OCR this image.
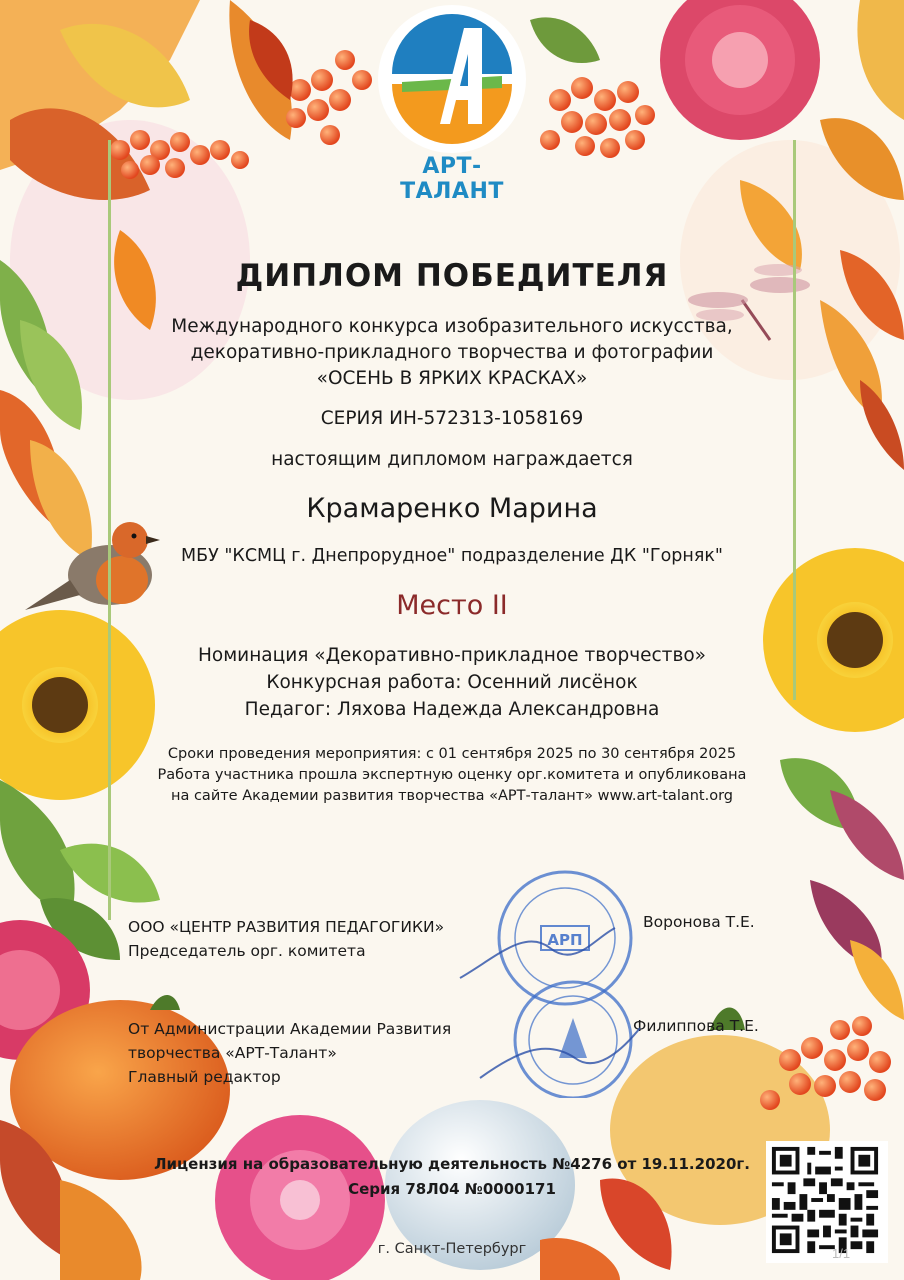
АРТ-ТАЛАНТ
ДИПЛОМ ПОБЕДИТЕЛЯ
Международного конкурса изобразительного искусства,
декоративно-прикладного творчества и фотографии
«ОСЕНЬ В ЯРКИХ КРАСКАХ»
СЕРИЯ ИН-572313-1058169
настоящим дипломом награждается
Крамаренко Марина
МБУ "КСМЦ г. Днепрорудное" подразделение ДК "Горняк"
Место II
Номинация «Декоративно-прикладное творчество»
Конкурсная работа: Осенний лисёнок
Педагог: Ляхова Надежда Александровна
Сроки проведения мероприятия: с 01 сентября 2025 по 30 сентября 2025
Работа участника прошла экспертную оценку орг.комитета и опубликована
на сайте Академии развития творчества «АРТ-талант» www.art-talant.org
ООО «ЦЕНТР РАЗВИТИЯ ПЕДАГОГИКИ»
Председатель орг. комитета
Воронова Т.Е.
От Администрации Академии Развития
творчества «АРТ-Талант»
Главный редактор
Филиппова Т.Е.
АРП
Лицензия на образовательную деятельность №4276 от 19.11.2020г.
Серия 78Л04 №0000171
г. Санкт-Петербург	1/1
